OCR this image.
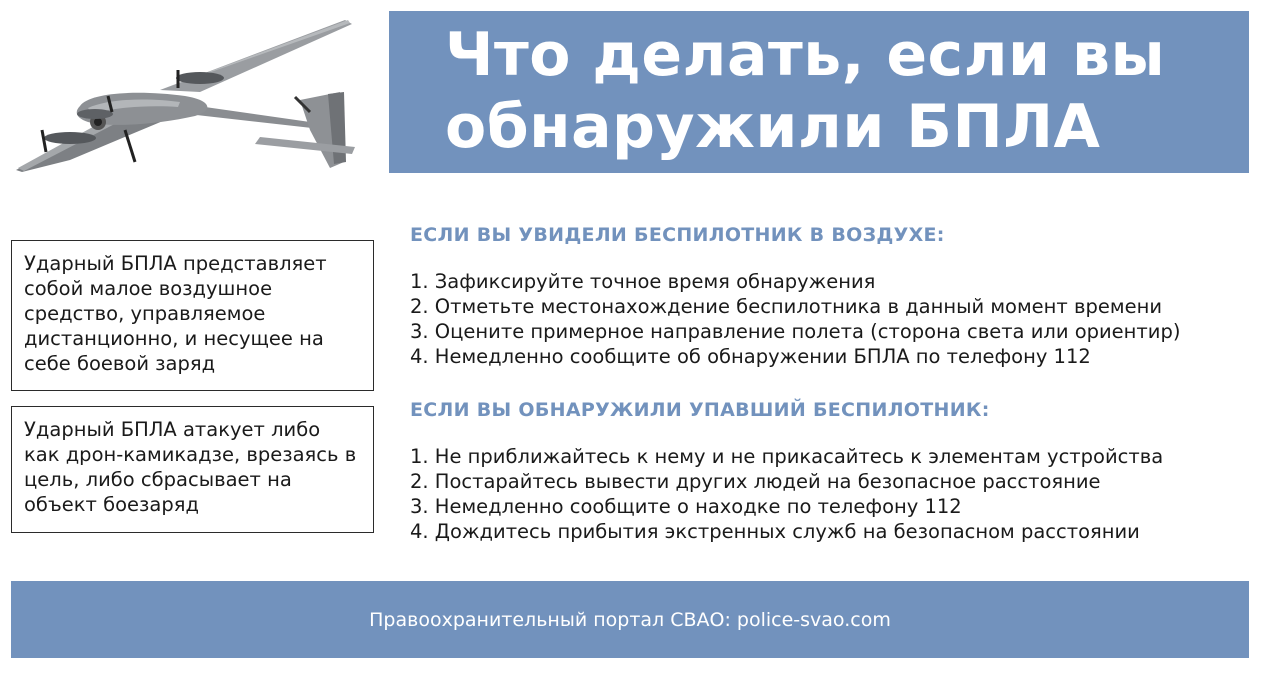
Что делать, если вы
обнаружили БПЛА
Ударный БПЛА представляет собой малое воздушное средство, управляемое дистанционно, и несущее на себе боевой заряд
Ударный БПЛА атакует либо как дрон-камикадзе, врезаясь в цель, либо сбрасывает на объект боезаряд
ЕСЛИ ВЫ УВИДЕЛИ БЕСПИЛОТНИК В ВОЗДУХЕ:
1. Зафиксируйте точное время обнаружения
2. Отметьте местонахождение беспилотника в данный момент времени
3. Оцените примерное направление полета (сторона света или ориентир)
4. Немедленно сообщите об обнаружении БПЛА по телефону 112
ЕСЛИ ВЫ ОБНАРУЖИЛИ УПАВШИЙ БЕСПИЛОТНИК:
1. Не приближайтесь к нему и не прикасайтесь к элементам устройства
2. Постарайтесь вывести других людей на безопасное расстояние
3. Немедленно сообщите о находке по телефону 112
4. Дождитесь прибытия экстренных служб на безопасном расстоянии
Правоохранительный портал СВАО: police-svao.com
